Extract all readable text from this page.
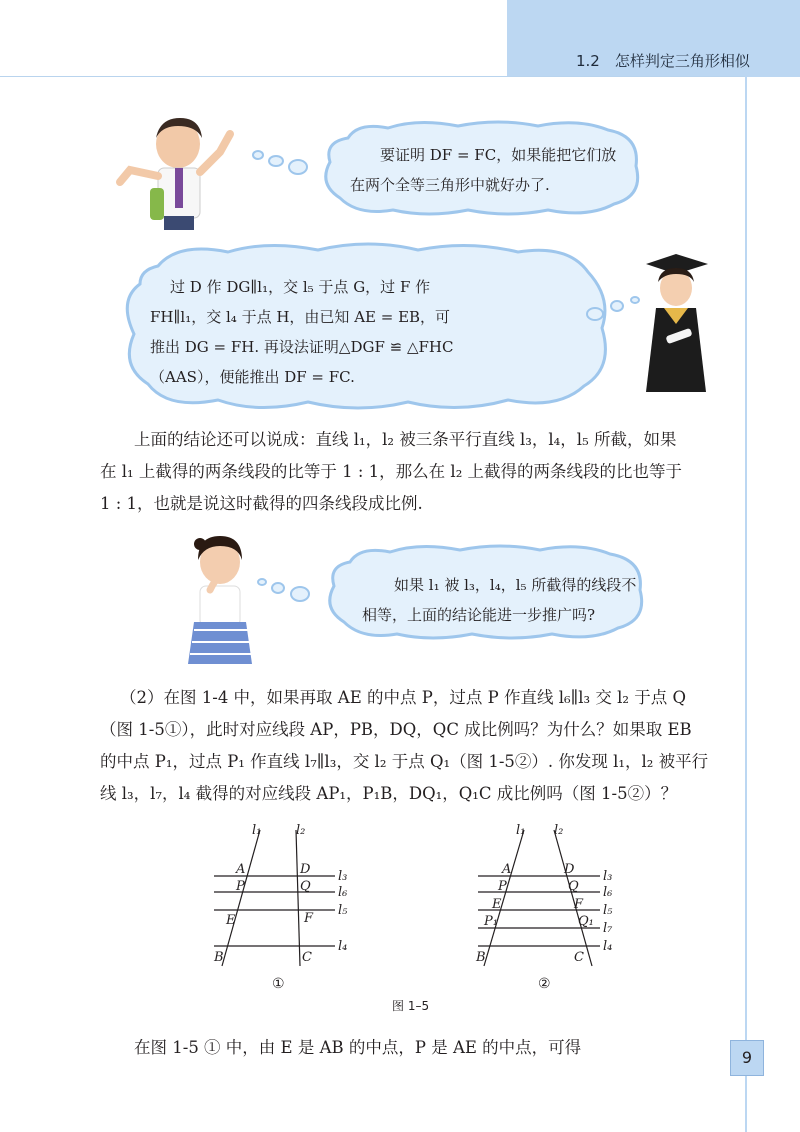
1.2　怎样判定三角形相似
要证明 DF = FC，如果能把它们放在两个全等三角形中就好办了.
过 D 作 DG∥l₁，交 l₅ 于点 G，过 F 作
FH∥l₁，交 l₄ 于点 H，由已知 AE = EB，可
推出 DG = FH. 再设法证明△DGF ≌ △FHC
（AAS），便能推出 DF = FC.
上面的结论还可以说成：直线 l₁，l₂ 被三条平行直线 l₃，l₄，l₅ 所截，如果
在 l₁ 上截得的两条线段的比等于 1 : 1，那么在 l₂ 上截得的两条线段的比也等于
1 : 1，也就是说这时截得的四条线段成比例.
如果 l₁ 被 l₃，l₄，l₅ 所截得的线段不
相等，上面的结论能进一步推广吗?
（2）在图 1-4 中，如果再取 AE 的中点 P，过点 P 作直线 l₆∥l₃ 交 l₂ 于点 Q
（图 1-5①），此时对应线段 AP，PB，DQ，QC 成比例吗？为什么？如果取 EB
的中点 P₁，过点 P₁ 作直线 l₇∥l₃，交 l₂ 于点 Q₁（图 1-5②）. 你发现 l₁，l₂ 被平行
线 l₃，l₇，l₄ 截得的对应线段 AP₁，P₁B，DQ₁，Q₁C 成比例吗（图 1-5②）？
l₁	l₂
A	D
P	Q
E	F
B	C
l₃
l₆
l₅
l₄
①
l₁ l₂
A	D
P	Q
E	F
P₁	Q₁
B	C
l₃
l₆
l₅
l₇
l₄
②
图 1–5
在图 1-5 ① 中，由 E 是 AB 的中点，P 是 AE 的中点，可得
9
